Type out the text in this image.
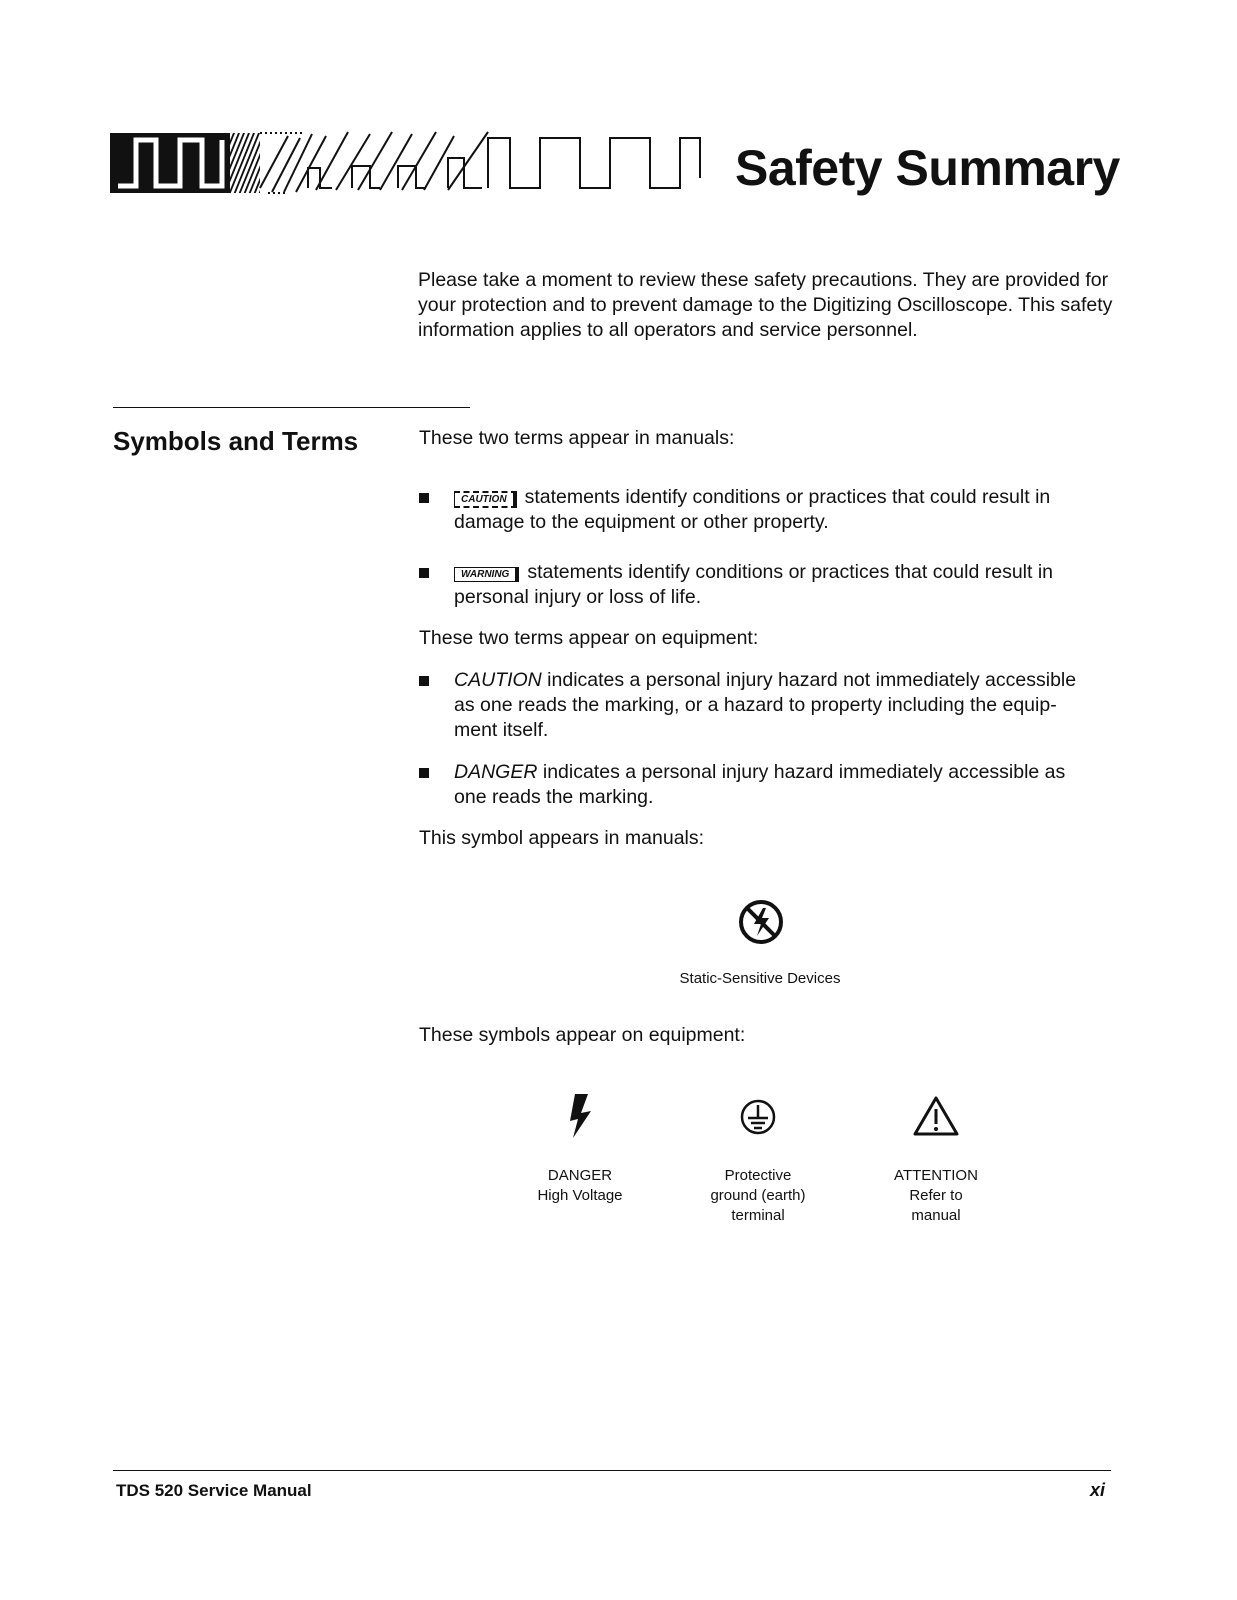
Safety Summary
Please take a moment to review these safety precautions. They are provided for your protection and to prevent damage to the Digitizing Oscilloscope. This safety information applies to all operators and service personnel.
Symbols and Terms	These two terms appear in manuals:
CAUTION statements identify conditions or practices that could result in damage to the equipment or other property.
WARNING statements identify conditions or practices that could result in personal injury or loss of life.
These two terms appear on equipment:
CAUTION indicates a personal injury hazard not immediately accessible as one reads the marking, or a hazard to property including the equip-ment itself.
DANGER indicates a personal injury hazard immediately accessible as one reads the marking.
This symbol appears in manuals:
Static-Sensitive Devices
These symbols appear on equipment:
DANGER
High Voltage
Protective
ground (earth)
terminal
ATTENTION
Refer to
manual
TDS 520 Service Manual	xi
